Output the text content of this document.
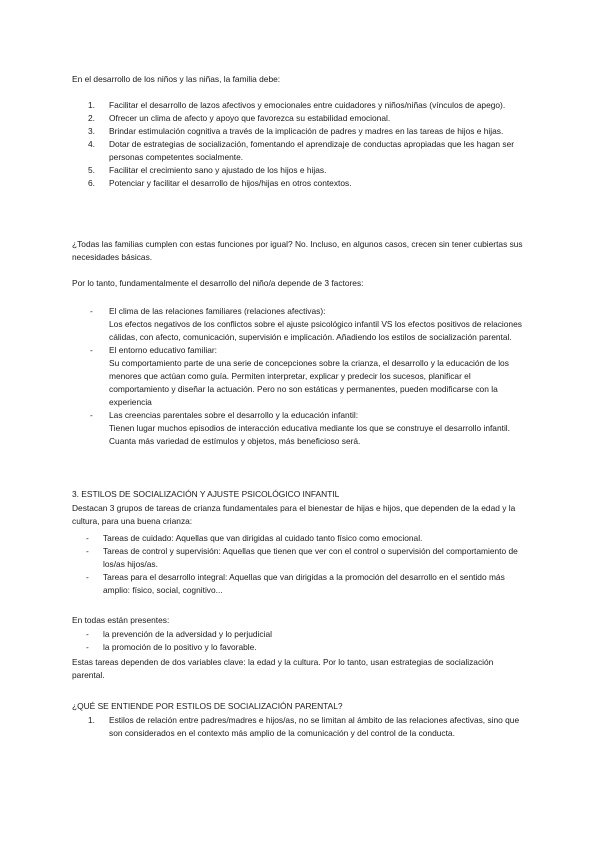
En el desarrollo de los niños y las niñas, la familia debe:

1. Facilitar el desarrollo de lazos afectivos y emocionales entre cuidadores y niños/niñas (vínculos de apego).
2. Ofrecer un clima de afecto y apoyo que favorezca su estabilidad emocional.
3. Brindar estimulación cognitiva a través de la implicación de padres y madres en las tareas de hijos e hijas.
4. Dotar de estrategias de socialización, fomentando el aprendizaje de conductas apropiadas que les hagan ser personas competentes socialmente.
5. Facilitar el crecimiento sano y ajustado de los hijos e hijas.
6. Potenciar y facilitar el desarrollo de hijos/hijas en otros contextos.

¿Todas las familias cumplen con estas funciones por igual? No. Incluso, en algunos casos, crecen sin tener cubiertas sus necesidades básicas.

Por lo tanto, fundamentalmente el desarrollo del niño/a depende de 3 factores:

- El clima de las relaciones familiares (relaciones afectivas):
Los efectos negativos de los conflictos sobre el ajuste psicológico infantil VS los efectos positivos de relaciones cálidas, con afecto, comunicación, supervisión e implicación. Añadiendo los estilos de socialización parental.
- El entorno educativo familiar:
Su comportamiento parte de una serie de concepciones sobre la crianza, el desarrollo y la educación de los menores que actúan como guía. Permiten interpretar, explicar y predecir los sucesos, planificar el comportamiento y diseñar la actuación. Pero no son estáticas y permanentes, pueden modificarse con la experiencia
- Las creencias parentales sobre el desarrollo y la educación infantil:
Tienen lugar muchos episodios de interacción educativa mediante los que se construye el desarrollo infantil. Cuanta más variedad de estímulos y objetos, más beneficioso será.

3. ESTILOS DE SOCIALIZACIÓN Y AJUSTE PSICOLÓGICO INFANTIL

Destacan 3 grupos de tareas de crianza fundamentales para el bienestar de hijas e hijos, que dependen de la edad y la cultura, para una buena crianza:

- Tareas de cuidado: Aquellas que van dirigidas al cuidado tanto físico como emocional.
- Tareas de control y supervisión: Aquellas que tienen que ver con el control o supervisión del comportamiento de los/as hijos/as.
- Tareas para el desarrollo integral: Aquellas que van dirigidas a la promoción del desarrollo en el sentido más amplio: físico, social, cognitivo...

En todas están presentes:

- la prevención de la adversidad y lo perjudicial
- la promoción de lo positivo y lo favorable.

Estas tareas dependen de dos variables clave: la edad y la cultura. Por lo tanto, usan estrategias de socialización parental.

¿QUÉ SE ENTIENDE POR ESTILOS DE SOCIALIZACIÓN PARENTAL?

1. Estilos de relación entre padres/madres e hijos/as, no se limitan al ámbito de las relaciones afectivas, sino que son considerados en el contexto más amplio de la comunicación y del control de la conducta.
